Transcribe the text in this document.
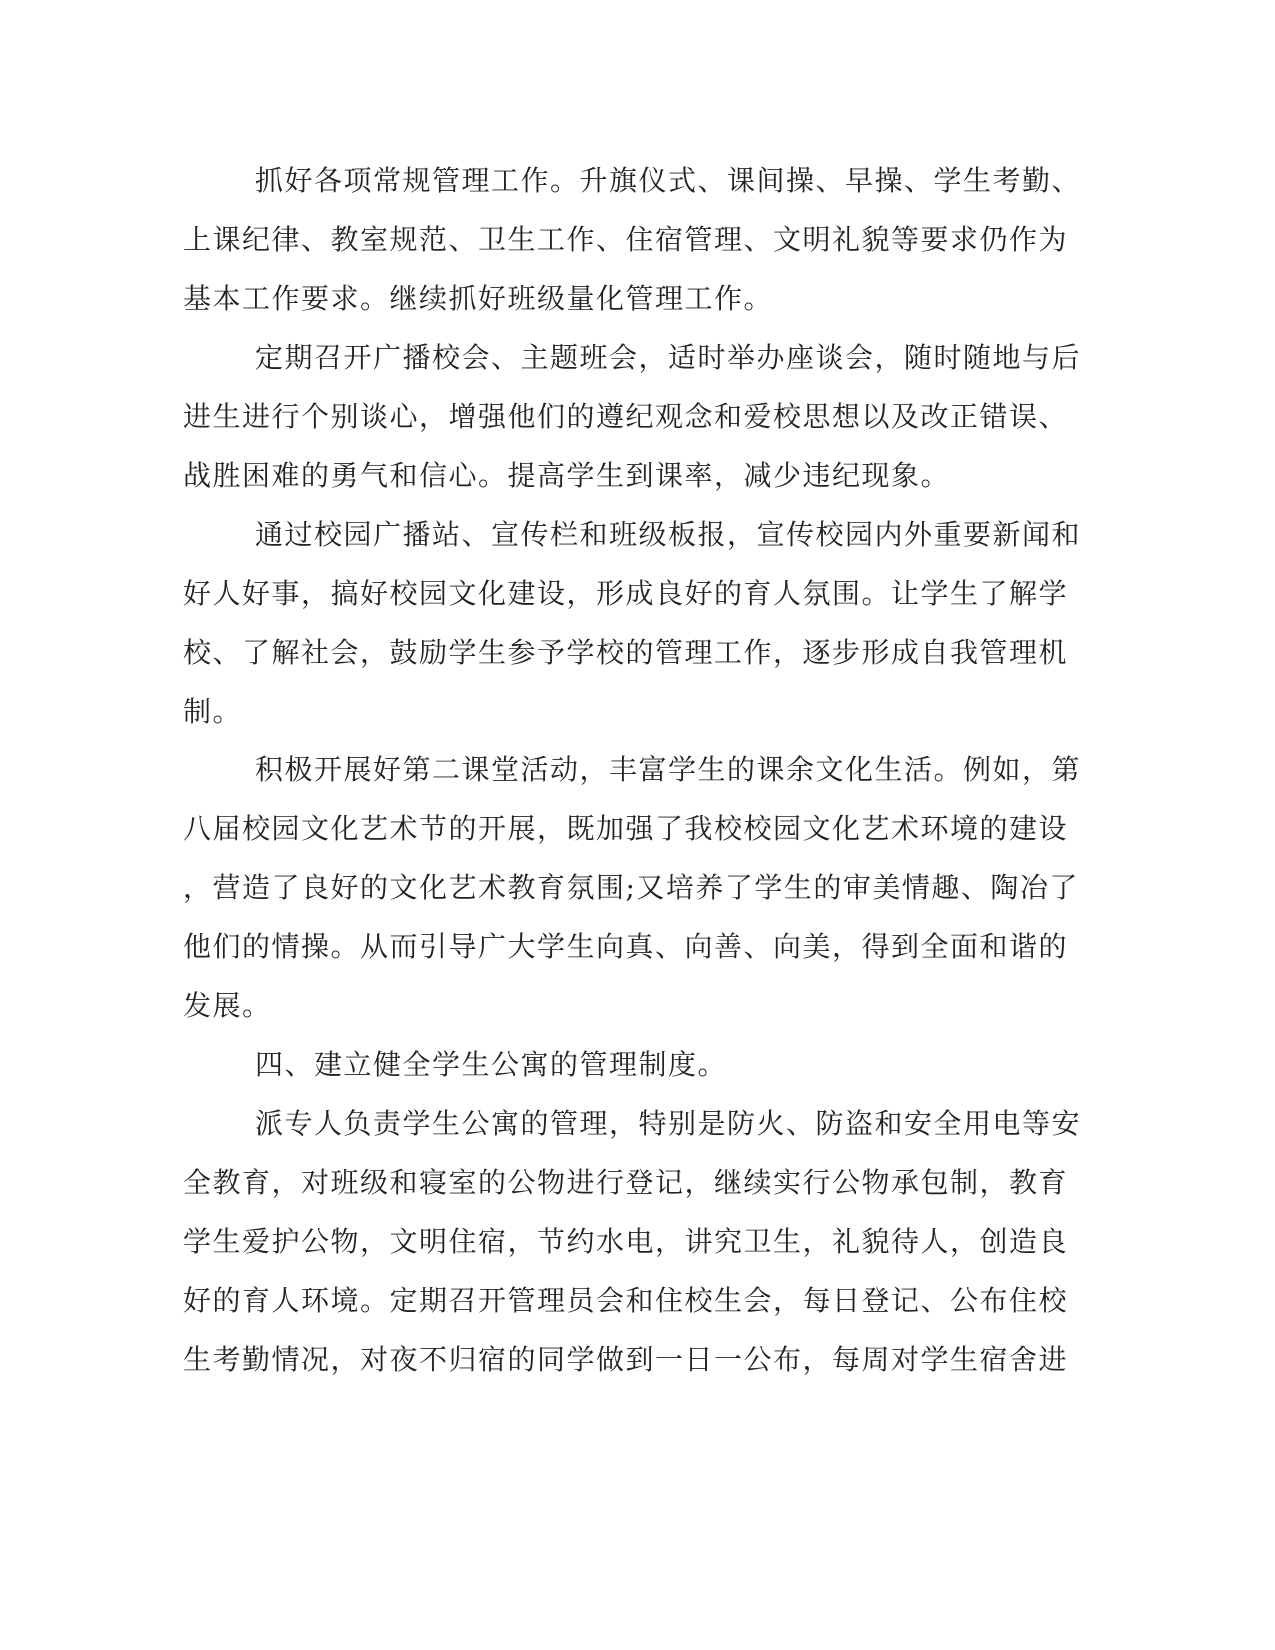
抓好各项常规管理工作。升旗仪式、课间操、早操、学生考勤、

上课纪律、教室规范、卫生工作、住宿管理、文明礼貌等要求仍作为

基本工作要求。继续抓好班级量化管理工作。

定期召开广播校会、主题班会，适时举办座谈会，随时随地与后

进生进行个别谈心，增强他们的遵纪观念和爱校思想以及改正错误、

战胜困难的勇气和信心。提高学生到课率，减少违纪现象。

通过校园广播站、宣传栏和班级板报，宣传校园内外重要新闻和

好人好事，搞好校园文化建设，形成良好的育人氛围。让学生了解学

校、了解社会，鼓励学生参予学校的管理工作，逐步形成自我管理机

制。

积极开展好第二课堂活动，丰富学生的课余文化生活。例如，第

八届校园文化艺术节的开展，既加强了我校校园文化艺术环境的建设

，营造了良好的文化艺术教育氛围;又培养了学生的审美情趣、陶冶了

他们的情操。从而引导广大学生向真、向善、向美，得到全面和谐的

发展。

四、建立健全学生公寓的管理制度。

派专人负责学生公寓的管理，特别是防火、防盗和安全用电等安

全教育，对班级和寝室的公物进行登记，继续实行公物承包制，教育

学生爱护公物，文明住宿，节约水电，讲究卫生，礼貌待人，创造良

好的育人环境。定期召开管理员会和住校生会，每日登记、公布住校

生考勤情况，对夜不归宿的同学做到一日一公布，每周对学生宿舍进
